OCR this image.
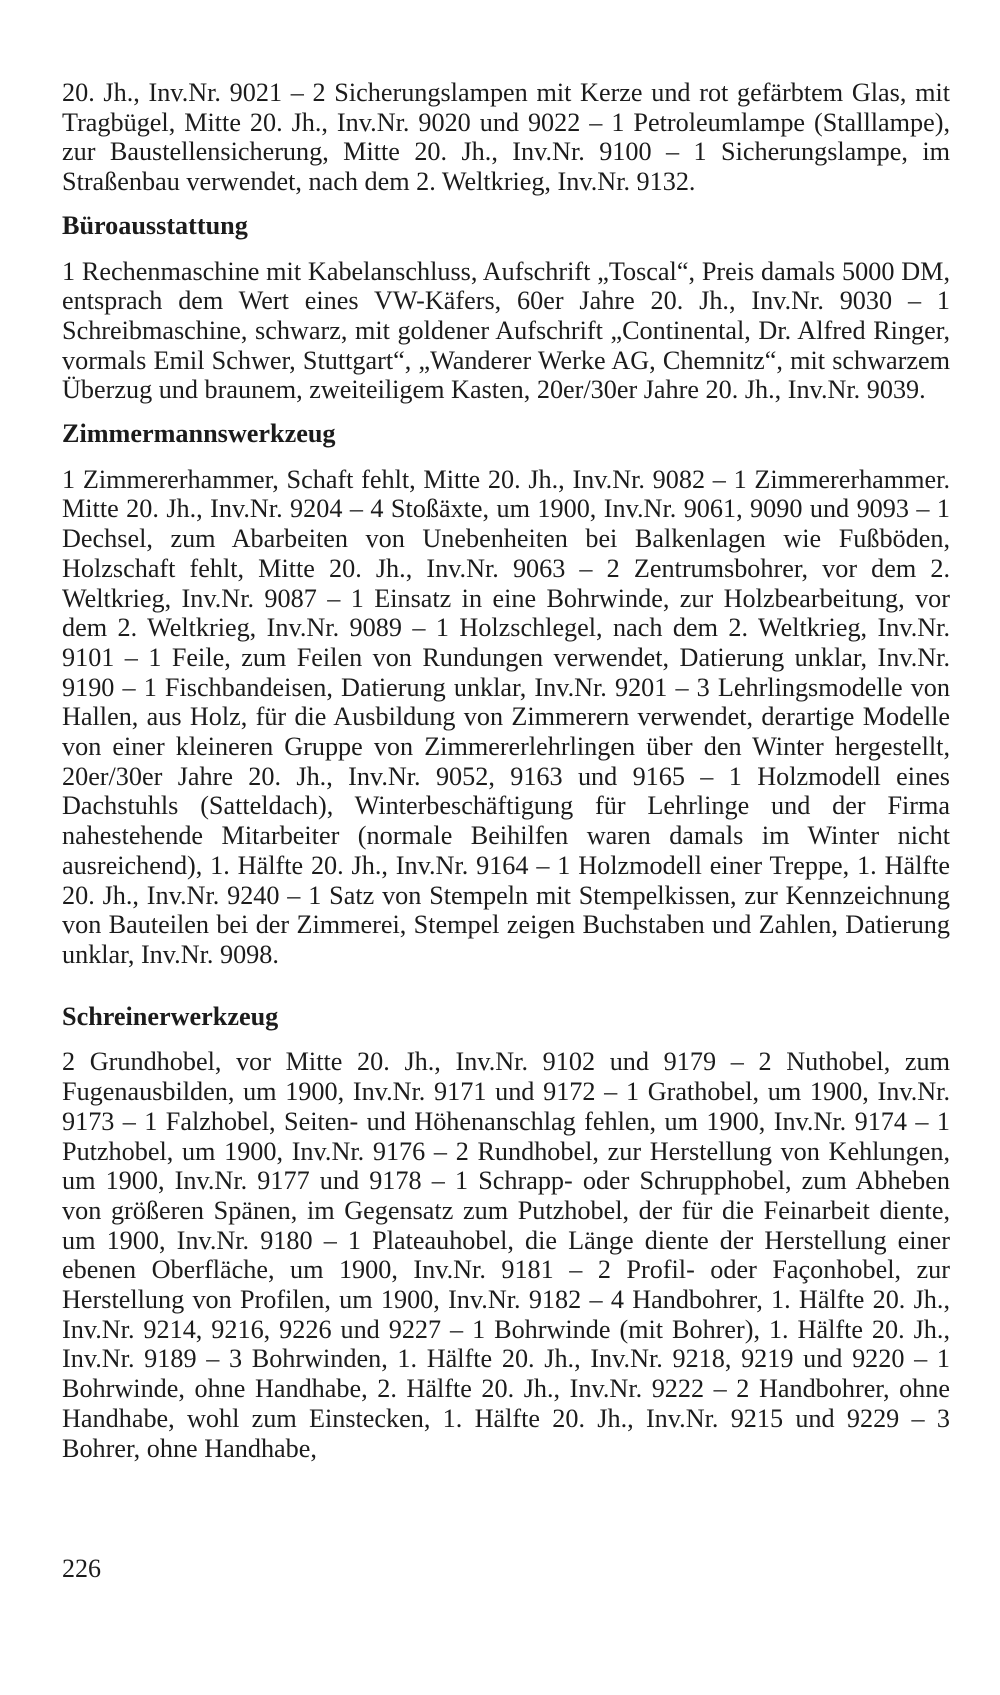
20. Jh., Inv.Nr. 9021 – 2 Sicherungslampen mit Kerze und rot gefärbtem Glas, mit Tragbügel, Mitte 20. Jh., Inv.Nr. 9020 und 9022 – 1 Petroleumlampe (Stalllampe), zur Baustellensicherung, Mitte 20. Jh., Inv.Nr. 9100 – 1 Sicherungslampe, im Straßenbau verwendet, nach dem 2. Weltkrieg, Inv.Nr. 9132.

Büroausstattung

1 Rechenmaschine mit Kabelanschluss, Aufschrift „Toscal“, Preis damals 5000 DM, entsprach dem Wert eines VW-Käfers, 60er Jahre 20. Jh., Inv.Nr. 9030 – 1 Schreibmaschine, schwarz, mit goldener Aufschrift „Continental, Dr. Alfred Ringer, vormals Emil Schwer, Stuttgart“, „Wanderer Werke AG, Chemnitz“, mit schwarzem Überzug und braunem, zweiteiligem Kasten, 20er/30er Jahre 20. Jh., Inv.Nr. 9039.

Zimmermannswerkzeug

1 Zimmererhammer, Schaft fehlt, Mitte 20. Jh., Inv.Nr. 9082 – 1 Zimmererhammer. Mitte 20. Jh., Inv.Nr. 9204 – 4 Stoßäxte, um 1900, Inv.Nr. 9061, 9090 und 9093 – 1 Dechsel, zum Abarbeiten von Unebenheiten bei Balkenlagen wie Fußböden, Holzschaft fehlt, Mitte 20. Jh., Inv.Nr. 9063 – 2 Zentrumsbohrer, vor dem 2. Weltkrieg, Inv.Nr. 9087 – 1 Einsatz in eine Bohrwinde, zur Holzbearbeitung, vor dem 2. Weltkrieg, Inv.Nr. 9089 – 1 Holzschlegel, nach dem 2. Weltkrieg, Inv.Nr. 9101 – 1 Feile, zum Feilen von Rundungen verwendet, Datierung unklar, Inv.Nr. 9190 – 1 Fischbandeisen, Datierung unklar, Inv.Nr. 9201 – 3 Lehrlingsmodelle von Hallen, aus Holz, für die Ausbildung von Zimmerern verwendet, derartige Modelle von einer kleineren Gruppe von Zimmererlehrlingen über den Winter hergestellt, 20er/30er Jahre 20. Jh., Inv.Nr. 9052, 9163 und 9165 – 1 Holzmodell eines Dachstuhls (Satteldach), Winterbeschäftigung für Lehrlinge und der Firma nahestehende Mitarbeiter (normale Beihilfen waren damals im Winter nicht ausreichend), 1. Hälfte 20. Jh., Inv.Nr. 9164 – 1 Holzmodell einer Treppe, 1. Hälfte 20. Jh., Inv.Nr. 9240 – 1 Satz von Stempeln mit Stempelkissen, zur Kennzeichnung von Bauteilen bei der Zimmerei, Stempel zeigen Buchstaben und Zahlen, Datierung unklar, Inv.Nr. 9098.

Schreinerwerkzeug

2 Grundhobel, vor Mitte 20. Jh., Inv.Nr. 9102 und 9179 – 2 Nuthobel, zum Fugenausbilden, um 1900, Inv.Nr. 9171 und 9172 – 1 Grathobel, um 1900, Inv.Nr. 9173 – 1 Falzhobel, Seiten- und Höhenanschlag fehlen, um 1900, Inv.Nr. 9174 – 1 Putzhobel, um 1900, Inv.Nr. 9176 – 2 Rundhobel, zur Herstellung von Kehlungen, um 1900, Inv.Nr. 9177 und 9178 – 1 Schrapp- oder Schrupphobel, zum Abheben von größeren Spänen, im Gegensatz zum Putzhobel, der für die Feinarbeit diente, um 1900, Inv.Nr. 9180 – 1 Plateauhobel, die Länge diente der Herstellung einer ebenen Oberfläche, um 1900, Inv.Nr. 9181 – 2 Profil- oder Façonhobel, zur Herstellung von Profilen, um 1900, Inv.Nr. 9182 – 4 Handbohrer, 1. Hälfte 20. Jh., Inv.Nr. 9214, 9216, 9226 und 9227 – 1 Bohrwinde (mit Bohrer), 1. Hälfte 20. Jh., Inv.Nr. 9189 – 3 Bohrwinden, 1. Hälfte 20. Jh., Inv.Nr. 9218, 9219 und 9220 – 1 Bohrwinde, ohne Handhabe, 2. Hälfte 20. Jh., Inv.Nr. 9222 – 2 Handbohrer, ohne Handhabe, wohl zum Einstecken, 1. Hälfte 20. Jh., Inv.Nr. 9215 und 9229 – 3 Bohrer, ohne Handhabe,

226
